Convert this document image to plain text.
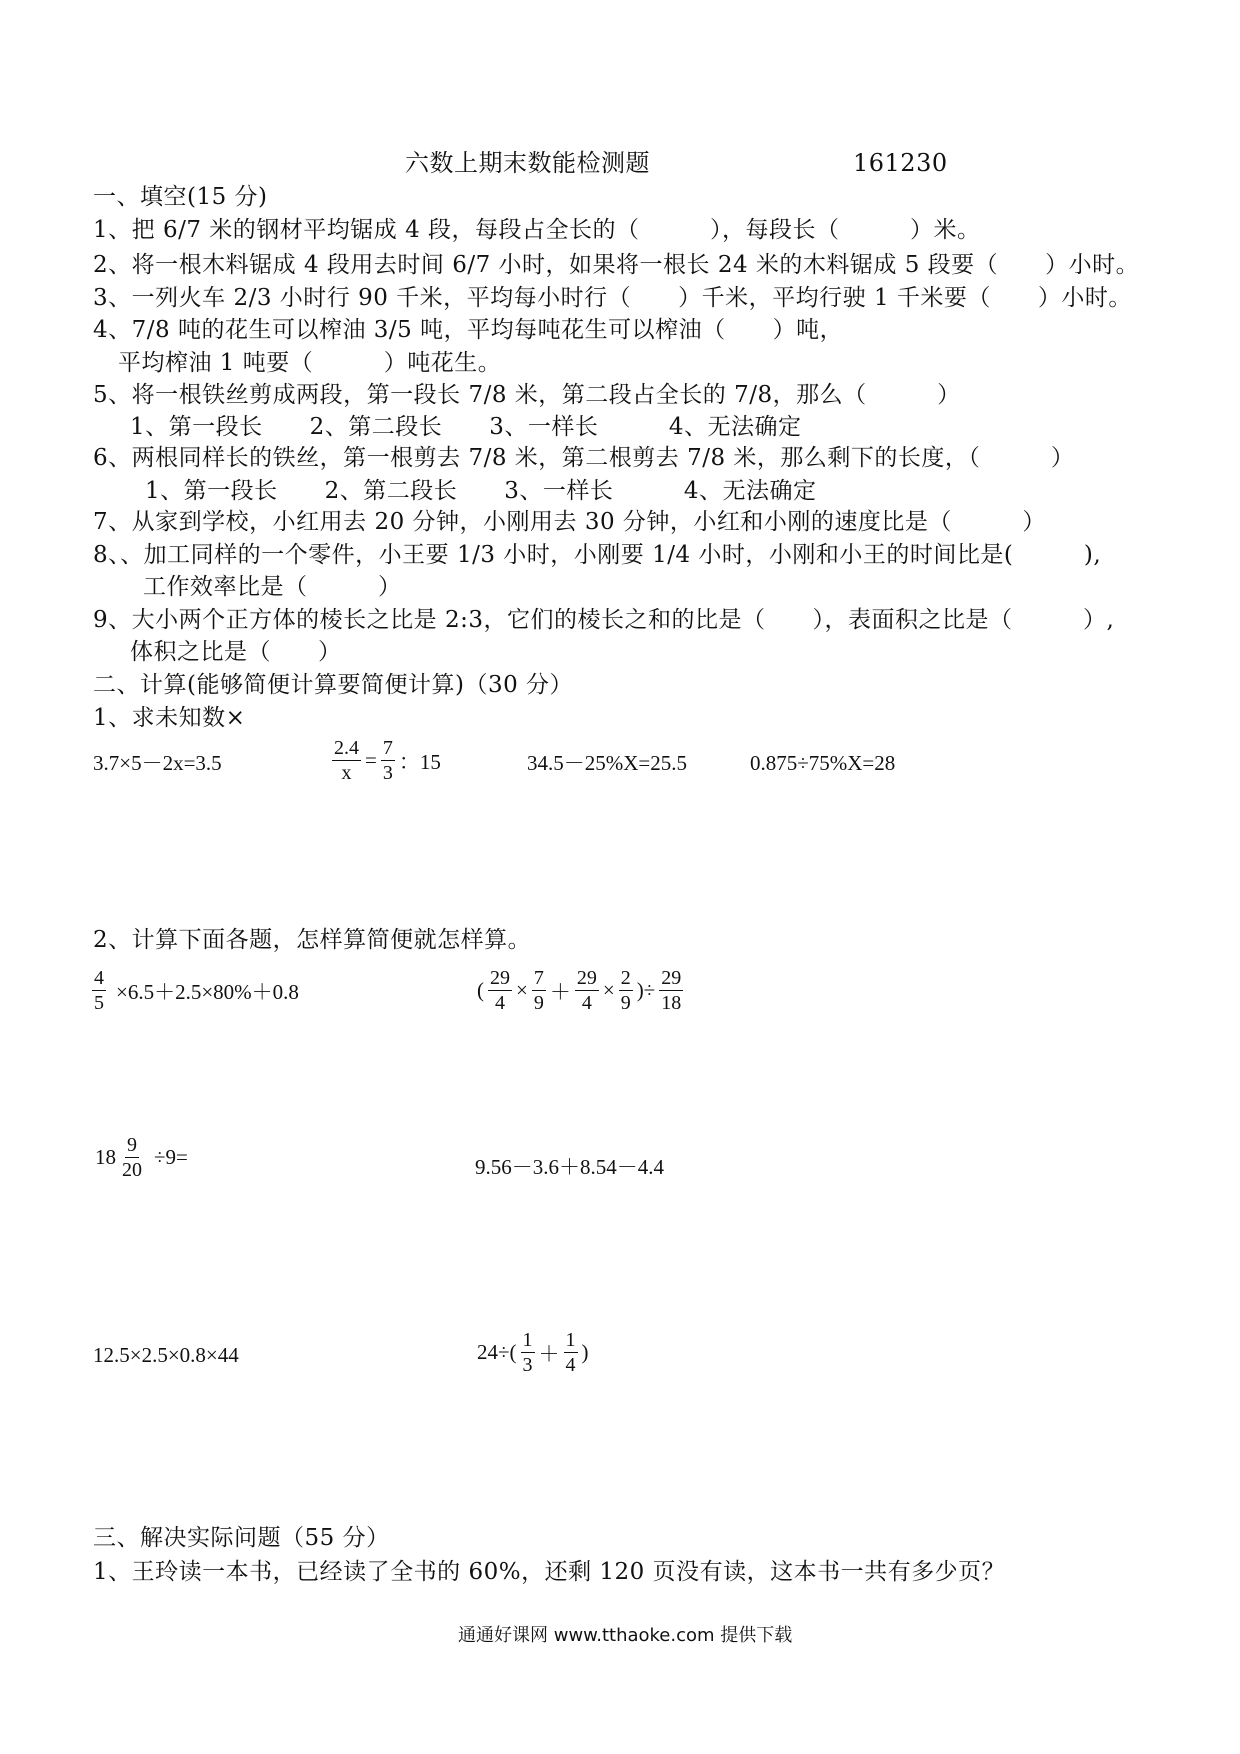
六数上期末数能检测题	161230
一、填空(15 分)
1、把 6/7 米的钢材平均锯成 4 段，每段占全长的（　　　），每段长（　　　）米。
2、将一根木料锯成 4 段用去时间 6/7 小时，如果将一根长 24 米的木料锯成 5 段要（　　）小时。
3、一列火车 2/3 小时行 90 千米，平均每小时行（　　）千米，平均行驶 1 千米要（　　）小时。
4、7/8 吨的花生可以榨油 3/5 吨，平均每吨花生可以榨油（　　）吨，
平均榨油 1 吨要（　　　）吨花生。
5、将一根铁丝剪成两段，第一段长 7/8 米，第二段占全长的 7/8，那么（　　　）
1、第一段长　　2、第二段长　　3、一样长　　　4、无法确定
6、两根同样长的铁丝，第一根剪去 7/8 米，第二根剪去 7/8 米，那么剩下的长度，（　　　）
1、第一段长　　2、第二段长　　3、一样长　　　4、无法确定
7、从家到学校，小红用去 20 分钟，小刚用去 30 分钟，小红和小刚的速度比是（　　　）
8、、加工同样的一个零件，小王要 1/3 小时，小刚要 1/4 小时，小刚和小王的时间比是(　　　),
工作效率比是（　　　）
9、大小两个正方体的棱长之比是 2:3，它们的棱长之和的比是（　　），表面积之比是（　　　）,
体积之比是（　　）
二、计算(能够简便计算要简便计算)（30 分）
1、求未知数×
3.7×5－2x=3.5	$\frac{2.4}{x} = \frac{7}{3}$ ：15	34.5－25%X=25.5	0.875÷75%X=28
2、计算下面各题，怎样算简便就怎样算。
$\frac{4}{5} \times 6.5+2.5\times 80\%+0.8$	( $\frac{29}{4} \times \frac{7}{9} + \frac{29}{4} \times \frac{2}{9}$ )÷ $\frac{29}{18}$
$18 \frac{9}{20} \div 9=$	9.56－3.6＋8.54－4.4
12.5×2.5×0.8×44	$24\div( \frac{1}{3} + \frac{1}{4}$ )
三、解决实际问题（55 分）
1、王玲读一本书，已经读了全书的 60%，还剩 120 页没有读，这本书一共有多少页？
通通好课网 www.tthaoke.com 提供下载
